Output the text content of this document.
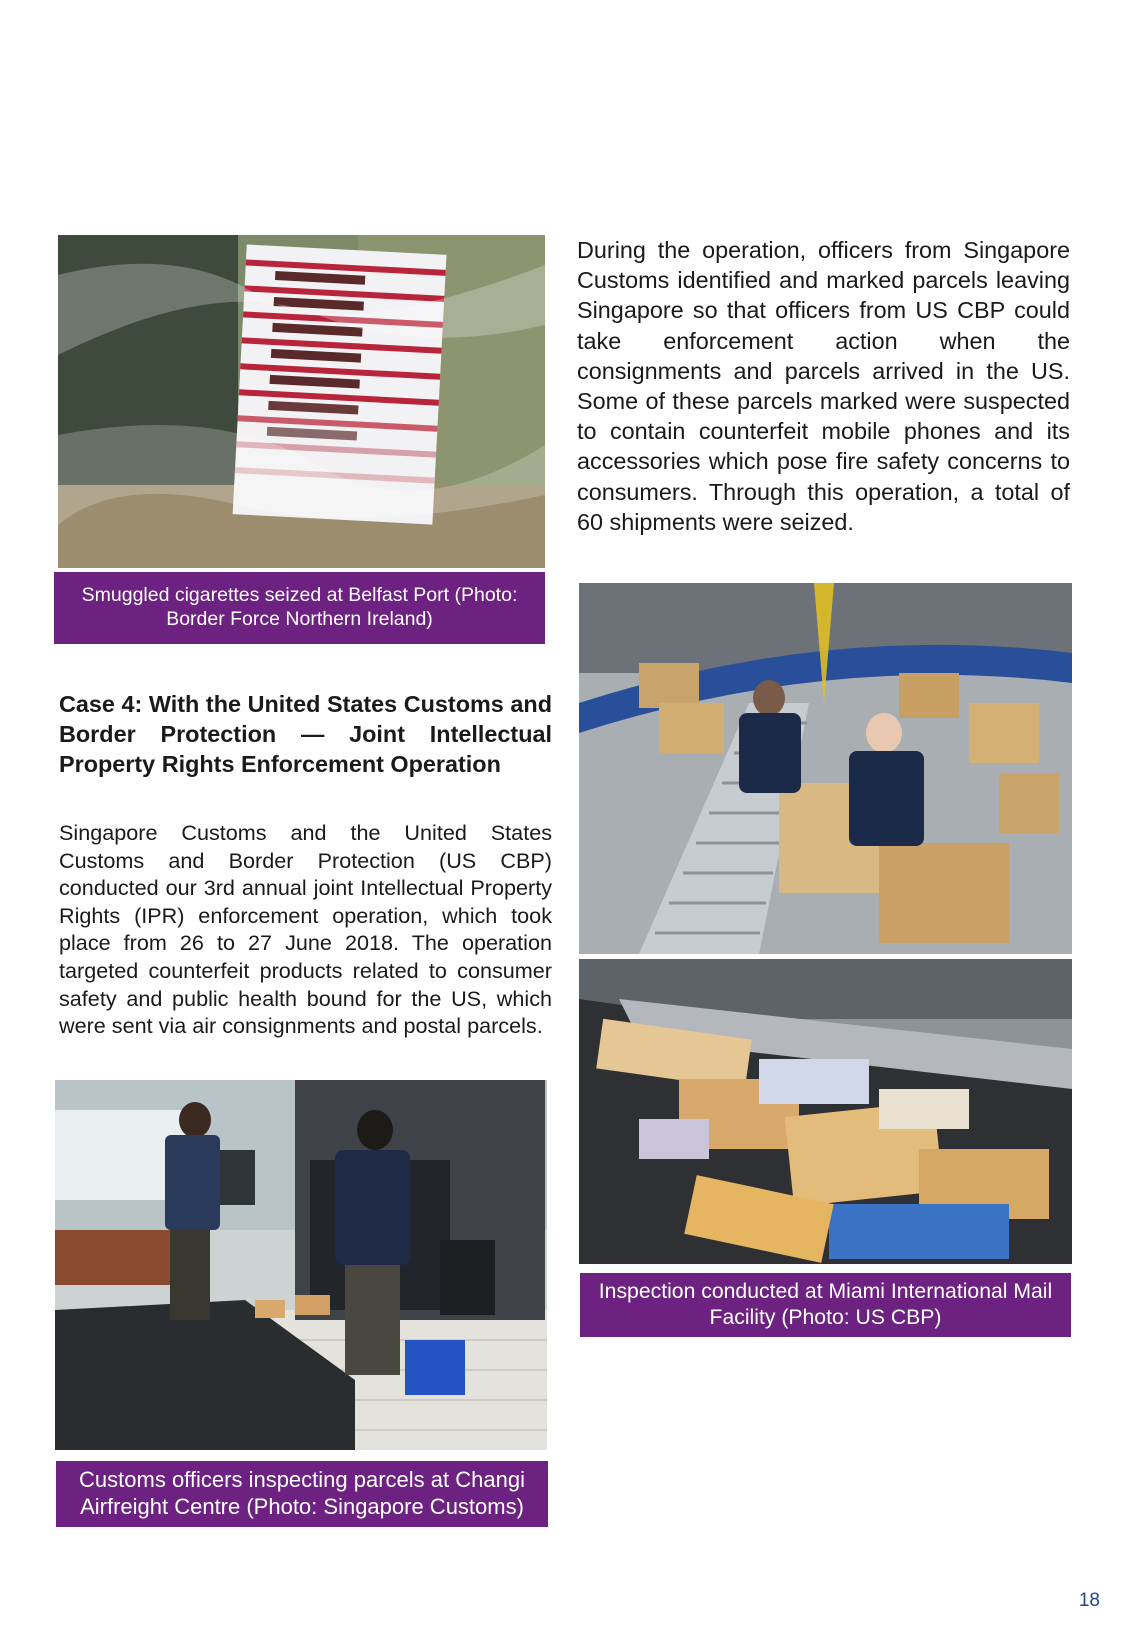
Smuggled cigarettes seized at Belfast Port (Photo: Border Force Northern Ireland)

During the operation, officers from Singapore Customs identified and marked parcels leaving Singapore so that officers from US CBP could take enforcement action when the consignments and parcels arrived in the US. Some of these parcels marked were suspected to contain counterfeit mobile phones and its accessories which pose fire safety concerns to consumers. Through this operation, a total of 60 shipments were seized.

Case 4: With the United States Customs and Border Protection — Joint Intellectual Property Rights Enforcement Operation

Singapore Customs and the United States Customs and Border Protection (US CBP) conducted our 3rd annual joint Intellectual Property Rights (IPR) enforcement operation, which took place from 26 to 27 June 2018. The operation targeted counterfeit products related to consumer safety and public health bound for the US, which were sent via air consignments and postal parcels.

Inspection conducted at Miami International Mail Facility (Photo: US CBP)
Customs officers inspecting parcels at Changi Airfreight Centre (Photo: Singapore Customs)
18
